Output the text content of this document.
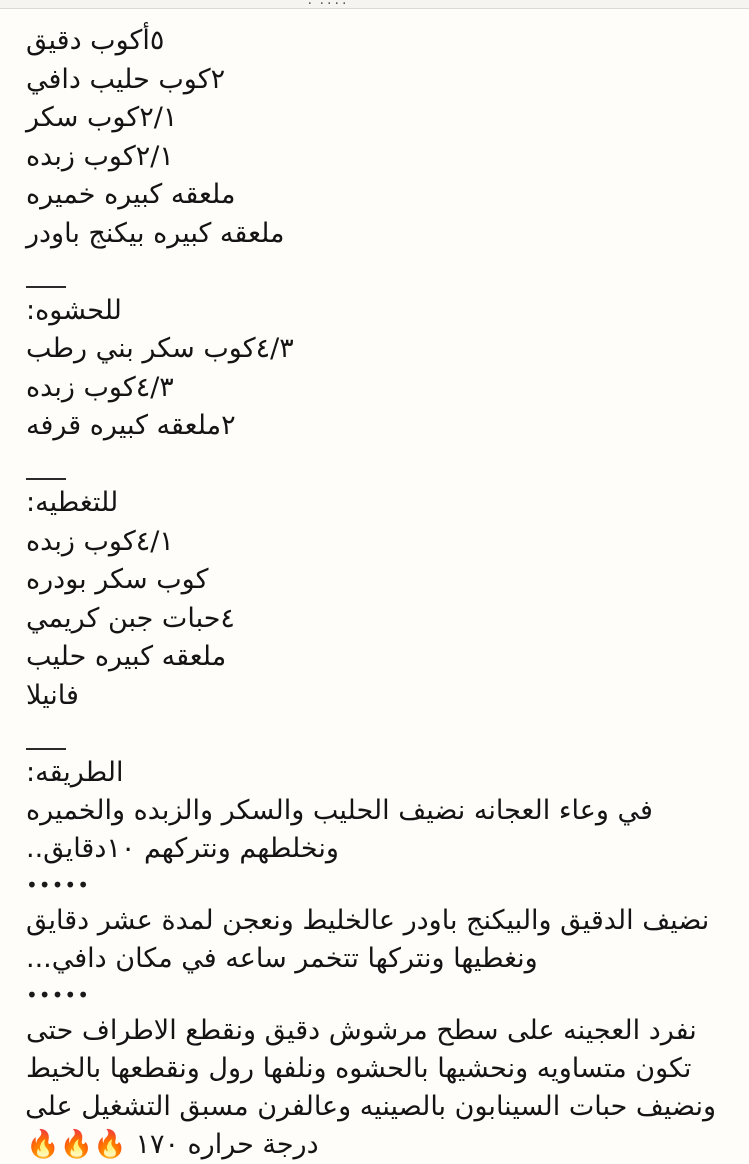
٠٠٠٠ ٠
٥أكوب دقيق
٢كوب حليب دافي
٢/١كوب سكر
٢/١كوب زبده
ملعقه كبيره خميره
ملعقه كبيره بيكنج باودر
للحشوه:
٤/٣كوب سكر بني رطب
٤/٣كوب زبده
٢ملعقه كبيره قرفه
للتغطيه:
٤/١كوب زبده
كوب سكر بودره
٤حبات جبن كريمي
ملعقه كبيره حليب
فانيلا
الطريقه:
في وعاء العجانه نضيف الحليب والسكر والزبده والخميره
ونخلطهم ونتركهم ١٠دقايق..
•••••
نضيف الدقيق والبيكنج باودر عالخليط ونعجن لمدة عشر دقايق
ونغطيها ونتركها تتخمر ساعه في مكان دافي...
•••••
نفرد العجينه على سطح مرشوش دقيق ونقطع الاطراف حتى
تكون متساويه ونحشيها بالحشوه ونلفها رول ونقطعها بالخيط
ونضيف حبات السينابون بالصينيه وعالفرن مسبق التشغيل على
درجة حراره ١٧٠ 🔥🔥🔥
